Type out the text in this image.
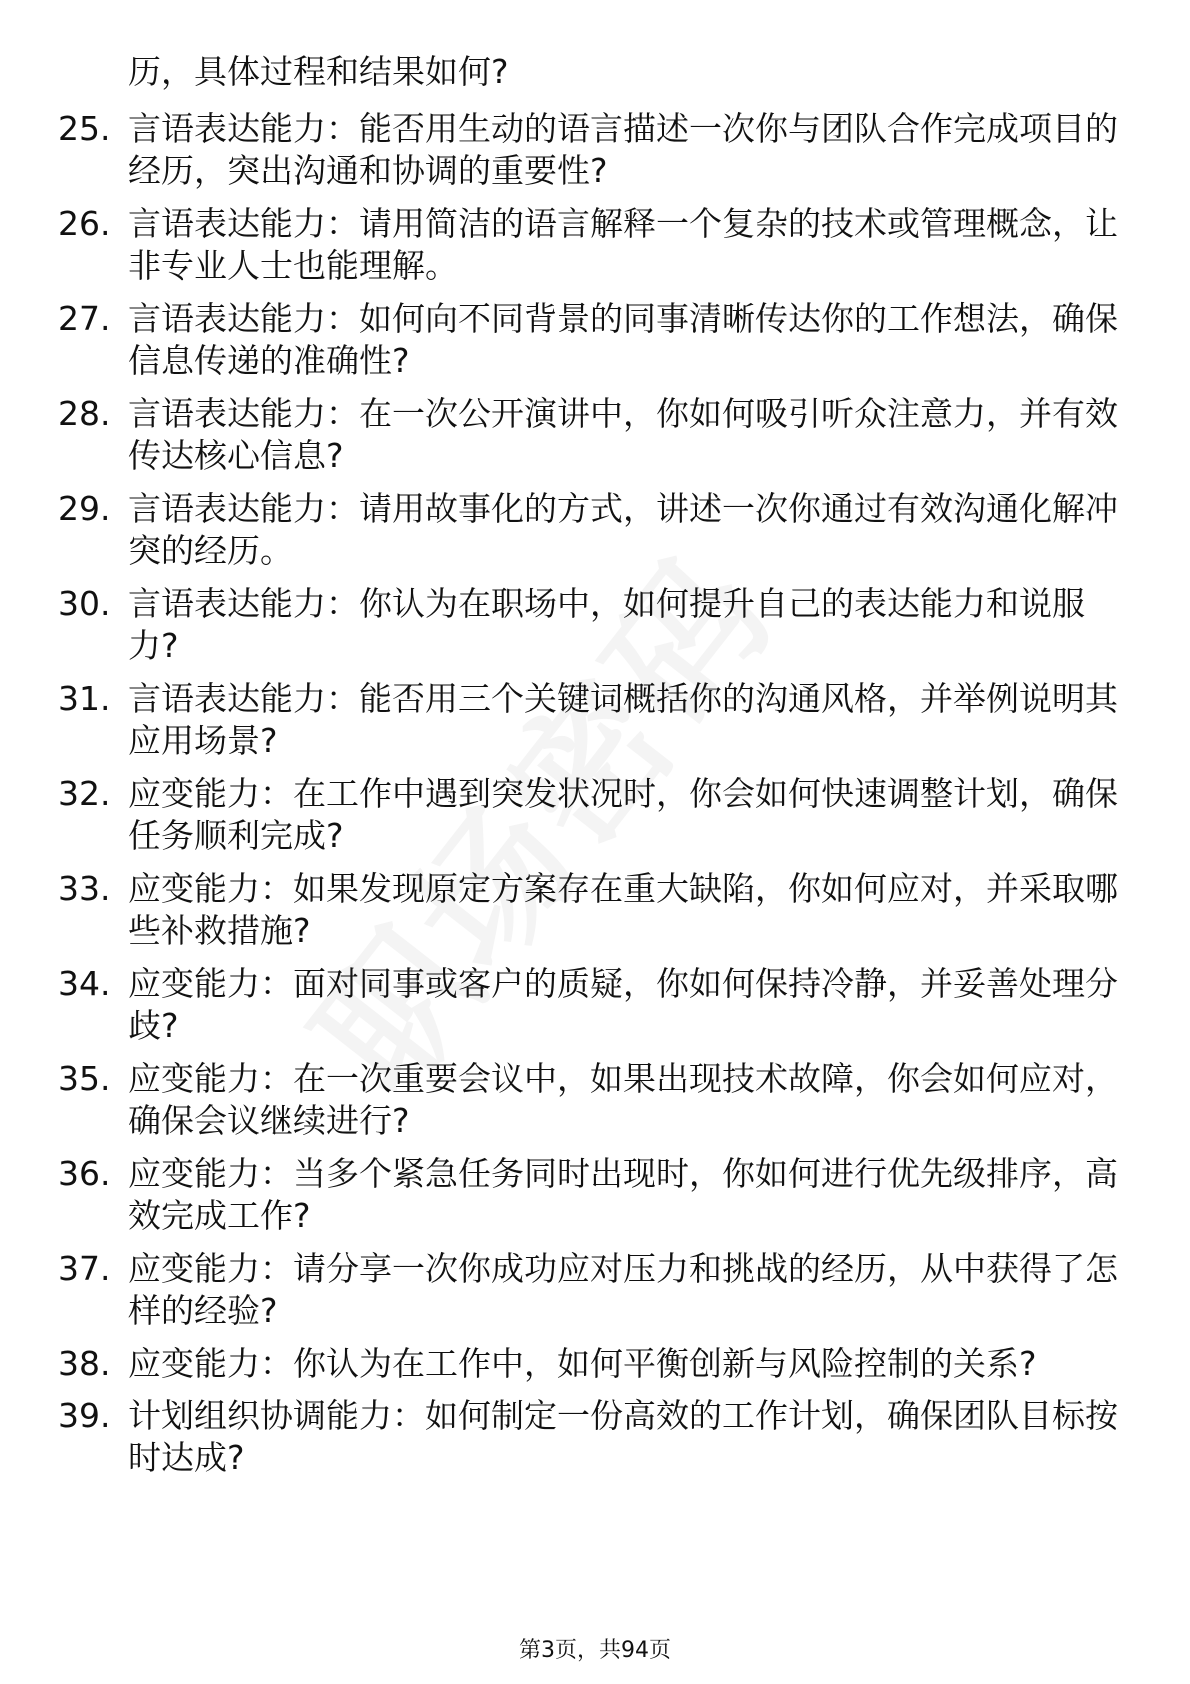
历，具体过程和结果如何?
25. 言语表达能力：能否用生动的语言描述一次你与团队合作完成项目的经历，突出沟通和协调的重要性?
26. 言语表达能力：请用简洁的语言解释一个复杂的技术或管理概念，让非专业人士也能理解。
27. 言语表达能力：如何向不同背景的同事清晰传达你的工作想法，确保信息传递的准确性?
28. 言语表达能力：在一次公开演讲中，你如何吸引听众注意力，并有效传达核心信息?
29. 言语表达能力：请用故事化的方式，讲述一次你通过有效沟通化解冲突的经历。
30. 言语表达能力：你认为在职场中，如何提升自己的表达能力和说服力?
31. 言语表达能力：能否用三个关键词概括你的沟通风格，并举例说明其应用场景?
32. 应变能力：在工作中遇到突发状况时，你会如何快速调整计划，确保任务顺利完成?
33. 应变能力：如果发现原定方案存在重大缺陷，你如何应对，并采取哪些补救措施?
34. 应变能力：面对同事或客户的质疑，你如何保持冷静，并妥善处理分歧?
35. 应变能力：在一次重要会议中，如果出现技术故障，你会如何应对，确保会议继续进行?
36. 应变能力：当多个紧急任务同时出现时，你如何进行优先级排序，高效完成工作?
37. 应变能力：请分享一次你成功应对压力和挑战的经历，从中获得了怎样的经验?
38. 应变能力：你认为在工作中，如何平衡创新与风险控制的关系?
39. 计划组织协调能力：如何制定一份高效的工作计划，确保团队目标按时达成?
第3页，共94页
